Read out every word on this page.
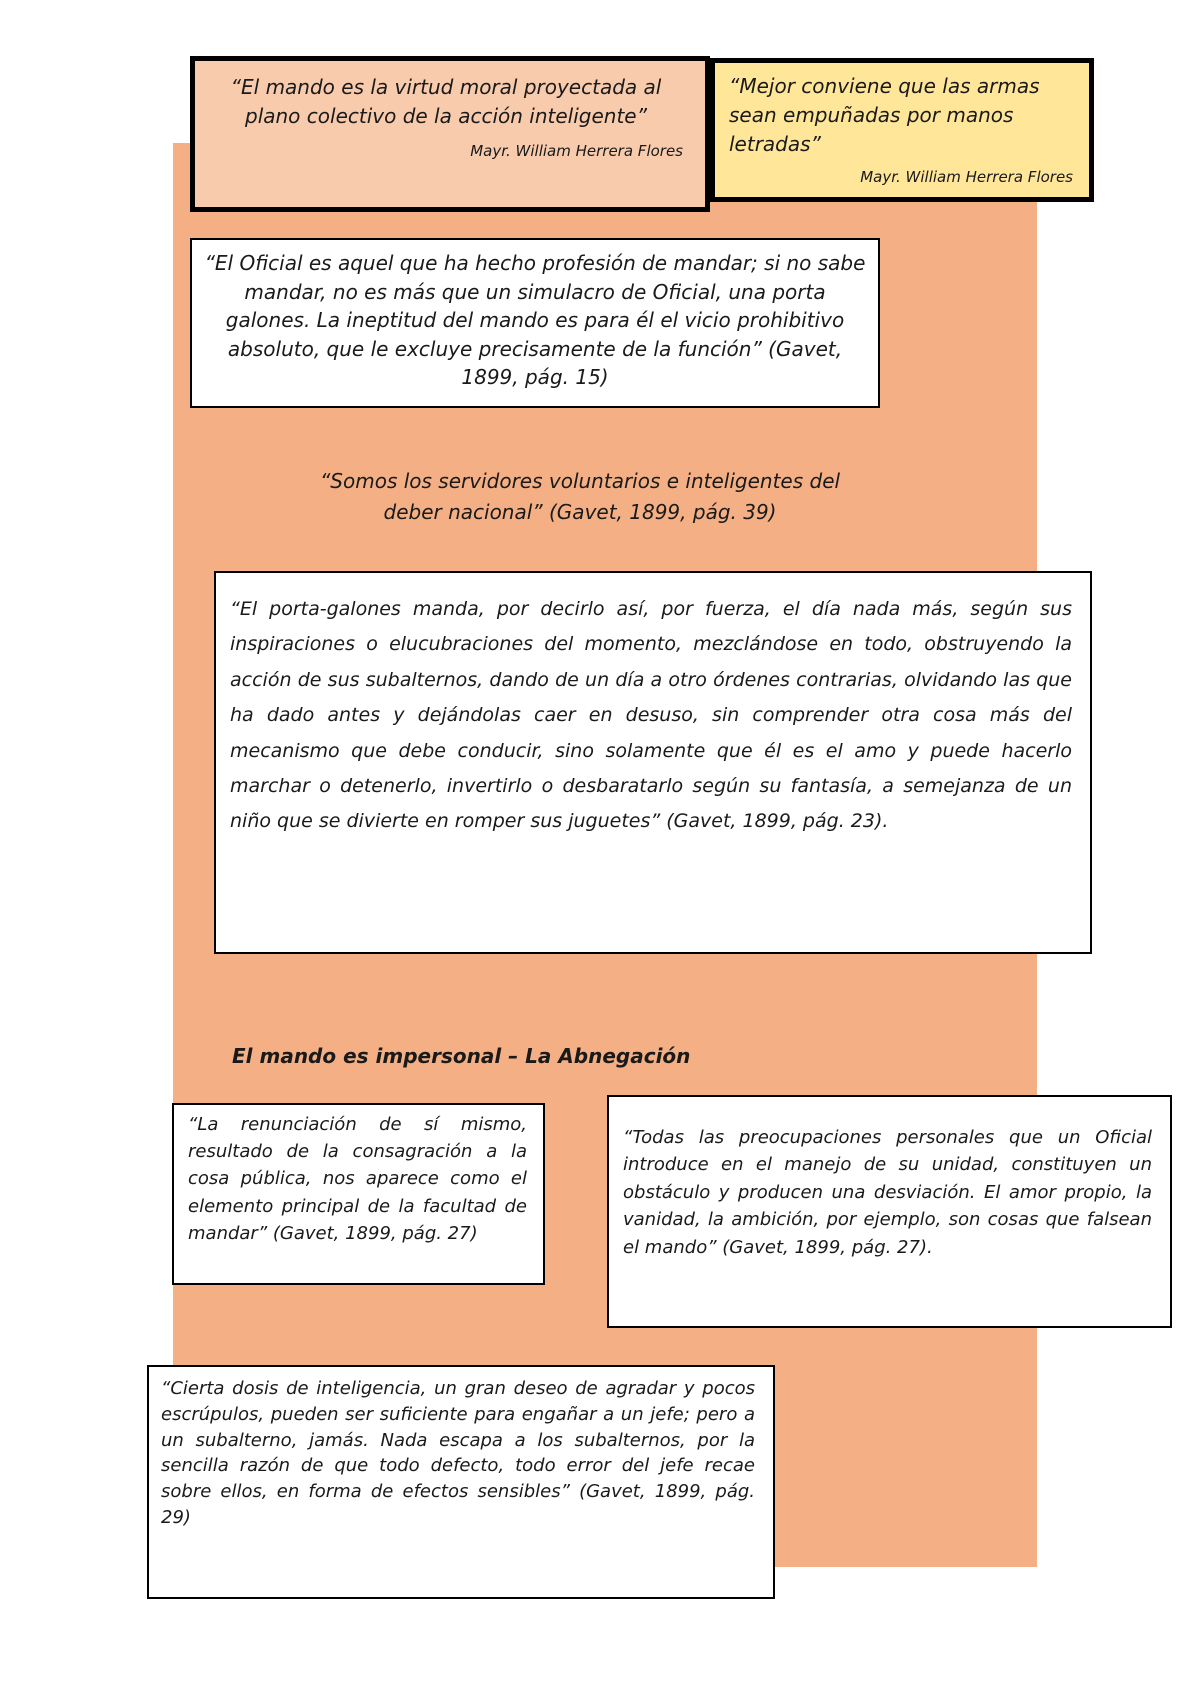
“El mando es la virtud moral proyectada al plano colectivo de la acción inteligente”

Mayr. William Herrera Flores

“Mejor conviene que las armas sean empuñadas por manos letradas”

Mayr. William Herrera Flores

“El Oficial es aquel que ha hecho profesión de mandar; si no sabe mandar, no es más que un simulacro de Oficial, una porta galones. La ineptitud del mando es para él el vicio prohibitivo absoluto, que le excluye precisamente de la función” (Gavet, 1899, pág. 15)

“Somos los servidores voluntarios e inteligentes del deber nacional” (Gavet, 1899, pág. 39)

“El porta-galones manda, por decirlo así, por fuerza, el día nada más, según sus inspiraciones o elucubraciones del momento, mezclándose en todo, obstruyendo la acción de sus subalternos, dando de un día a otro órdenes contrarias, olvidando las que ha dado antes y dejándolas caer en desuso, sin comprender otra cosa más del mecanismo que debe conducir, sino solamente que él es el amo y puede hacerlo marchar o detenerlo, invertirlo o desbaratarlo según su fantasía, a semejanza de un niño que se divierte en romper sus juguetes” (Gavet, 1899, pág. 23).

El mando es impersonal – La Abnegación

“La renunciación de sí mismo, resultado de la consagración a la cosa pública, nos aparece como el elemento principal de la facultad de mandar” (Gavet, 1899, pág. 27)

“Todas las preocupaciones personales que un Oficial introduce en el manejo de su unidad, constituyen un obstáculo y producen una desviación. El amor propio, la vanidad, la ambición, por ejemplo, son cosas que falsean el mando” (Gavet, 1899, pág. 27).

“Cierta dosis de inteligencia, un gran deseo de agradar y pocos escrúpulos, pueden ser suficiente para engañar a un jefe; pero a un subalterno, jamás. Nada escapa a los subalternos, por la sencilla razón de que todo defecto, todo error del jefe recae sobre ellos, en forma de efectos sensibles” (Gavet, 1899, pág. 29)
